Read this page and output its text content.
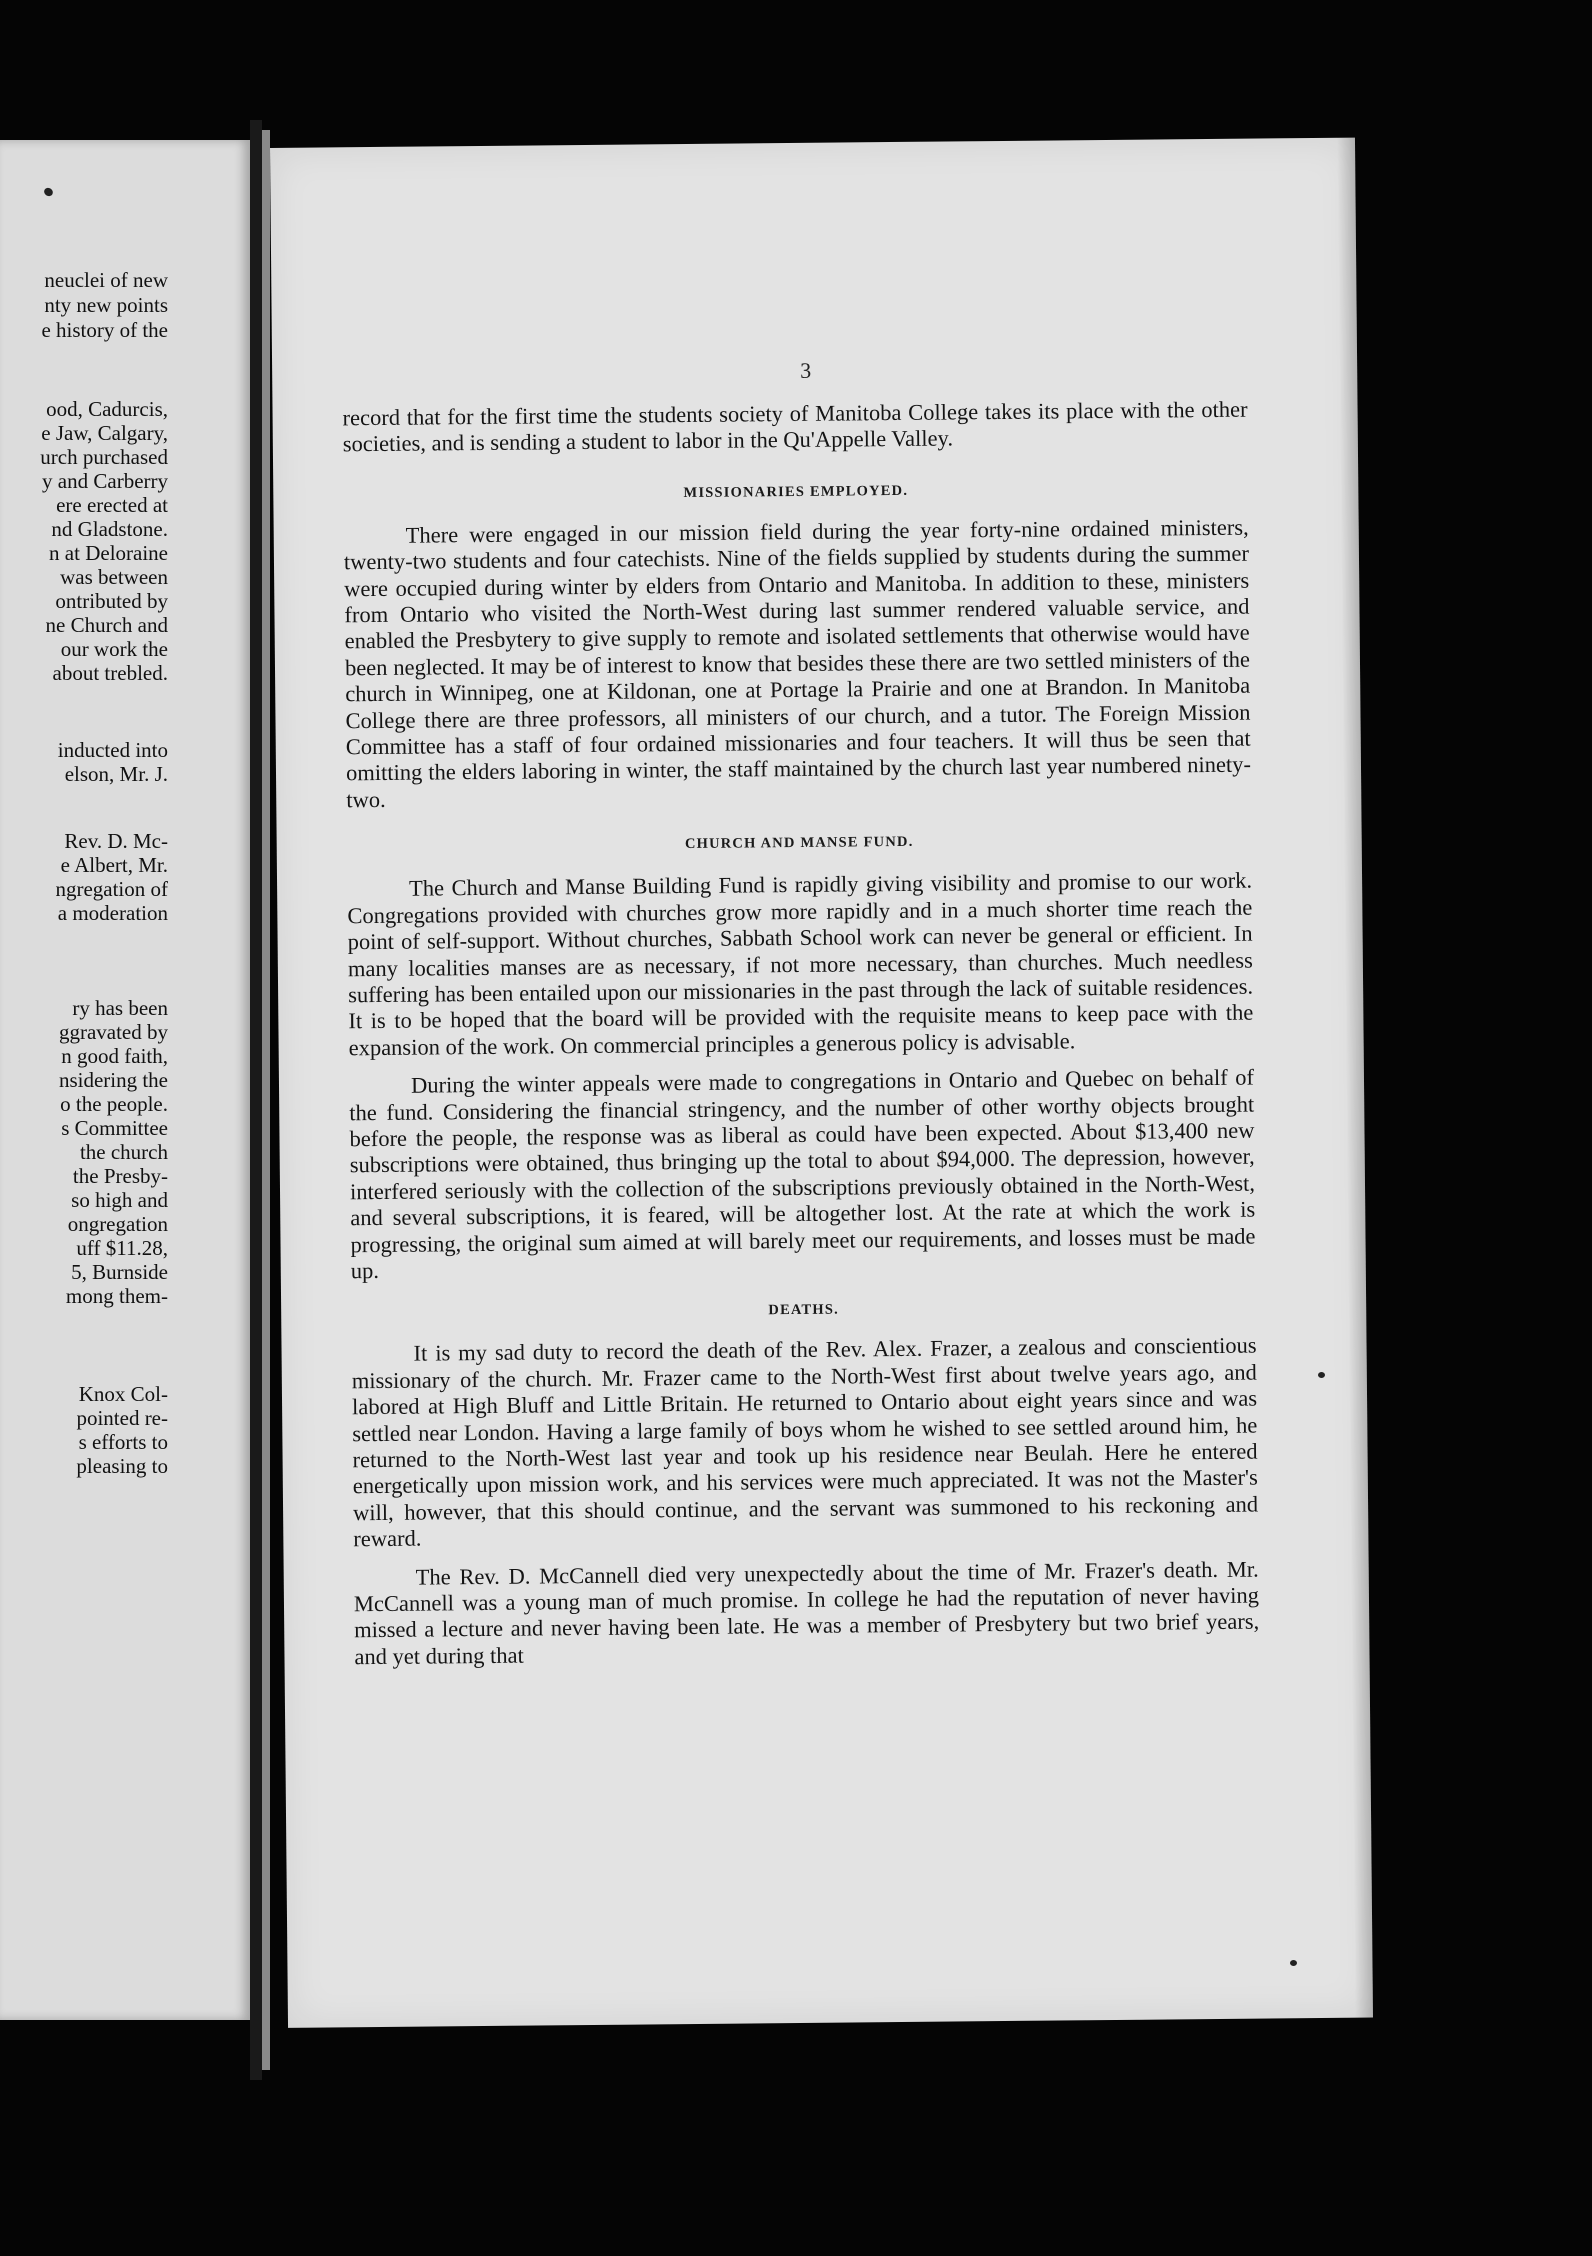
neuclei of new

nty new points

e history of the

ood, Cadurcis,

e Jaw, Calgary,

urch purchased

y and Carberry

ere erected at

nd Gladstone.

n at Deloraine

was between

ontributed by

ne Church and

our work the

about trebled.

inducted into

elson, Mr. J.

Rev. D. Mc-

e Albert, Mr.

ngregation of

a moderation

ry has been

ggravated by

n good faith,

nsidering the

o the people.

s Committee

the church

the Presby-

so high and

ongregation

uff $11.28,

5, Burnside

mong them-

Knox Col-

pointed re-

s efforts to

pleasing to

3

record that for the first time the students society of Manitoba College takes its place with the other societies, and is sending a student to labor in the Qu'Appelle Valley.

MISSIONARIES EMPLOYED.

There were engaged in our mission field during the year forty-nine ordained ministers, twenty-two students and four catechists. Nine of the fields supplied by students during the summer were occupied during winter by elders from Ontario and Manitoba. In addition to these, ministers from Ontario who visited the North-West during last summer rendered valuable service, and enabled the Presbytery to give supply to remote and isolated settlements that otherwise would have been neglected. It may be of interest to know that besides these there are two settled ministers of the church in Winnipeg, one at Kildonan, one at Portage la Prairie and one at Brandon. In Manitoba College there are three professors, all ministers of our church, and a tutor. The Foreign Mission Committee has a staff of four ordained missionaries and four teachers. It will thus be seen that omitting the elders laboring in winter, the staff maintained by the church last year numbered ninety-two.

CHURCH AND MANSE FUND.

The Church and Manse Building Fund is rapidly giving visibility and promise to our work. Congregations provided with churches grow more rapidly and in a much shorter time reach the point of self-support. Without churches, Sabbath School work can never be general or efficient. In many localities manses are as necessary, if not more necessary, than churches. Much needless suffering has been entailed upon our missionaries in the past through the lack of suitable residences. It is to be hoped that the board will be provided with the requisite means to keep pace with the expansion of the work. On commercial principles a generous policy is advisable.

During the winter appeals were made to congregations in Ontario and Quebec on behalf of the fund. Considering the financial stringency, and the number of other worthy objects brought before the people, the response was as liberal as could have been expected. About $13,400 new subscriptions were obtained, thus bringing up the total to about $94,000. The depression, however, interfered seriously with the collection of the subscriptions previously obtained in the North-West, and several subscriptions, it is feared, will be altogether lost. At the rate at which the work is progressing, the original sum aimed at will barely meet our requirements, and losses must be made up.

DEATHS.

It is my sad duty to record the death of the Rev. Alex. Frazer, a zealous and conscientious missionary of the church. Mr. Frazer came to the North-West first about twelve years ago, and labored at High Bluff and Little Britain. He returned to Ontario about eight years since and was settled near London. Having a large family of boys whom he wished to see settled around him, he returned to the North-West last year and took up his residence near Beulah. Here he entered energetically upon mission work, and his services were much appreciated. It was not the Master's will, however, that this should continue, and the servant was summoned to his reckoning and reward.

The Rev. D. McCannell died very unexpectedly about the time of Mr. Frazer's death. Mr. McCannell was a young man of much promise. In college he had the reputation of never having missed a lecture and never having been late. He was a member of Presbytery but two brief years, and yet during that
